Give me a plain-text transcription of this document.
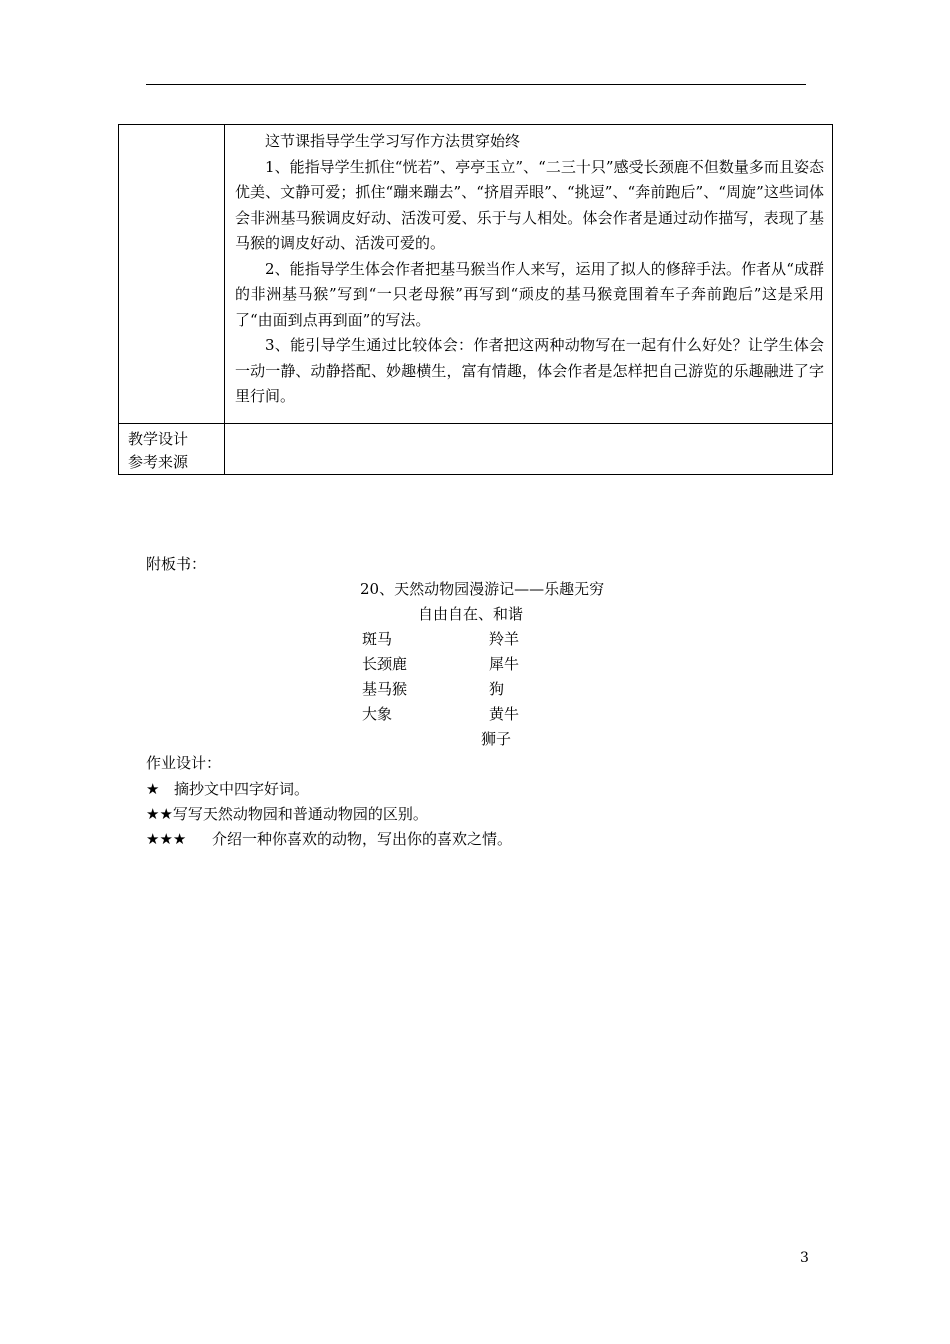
	这节课指导学生学习写作方法贯穿始终

1、能指导学生抓住“恍若”、亭亭玉立”、“二三十只”感受长颈鹿不但数量多而且姿态优美、文静可爱；抓住“蹦来蹦去”、“挤眉弄眼”、“挑逗”、“奔前跑后”、“周旋”这些词体会非洲基马猴调皮好动、活泼可爱、乐于与人相处。体会作者是通过动作描写，表现了基马猴的调皮好动、活泼可爱的。

2、能指导学生体会作者把基马猴当作人来写，运用了拟人的修辞手法。作者从“成群的非洲基马猴”写到“一只老母猴”再写到“顽皮的基马猴竟围着车子奔前跑后”这是采用了“由面到点再到面”的写法。

3、能引导学生通过比较体会：作者把这两种动物写在一起有什么好处？让学生体会一动一静、动静搭配、妙趣横生，富有情趣，体会作者是怎样把自己游览的乐趣融进了字里行间。

教学设计
参考来源	

附板书：
20、天然动物园漫游记——乐趣无穷
自由自在、和谐
斑马
长颈鹿
基马猴
大象
羚羊
犀牛
狗
黄牛
狮子
作业设计：
★ 摘抄文中四字好词。
★★写写天然动物园和普通动物园的区别。
★★★ 介绍一种你喜欢的动物，写出你的喜欢之情。
3
